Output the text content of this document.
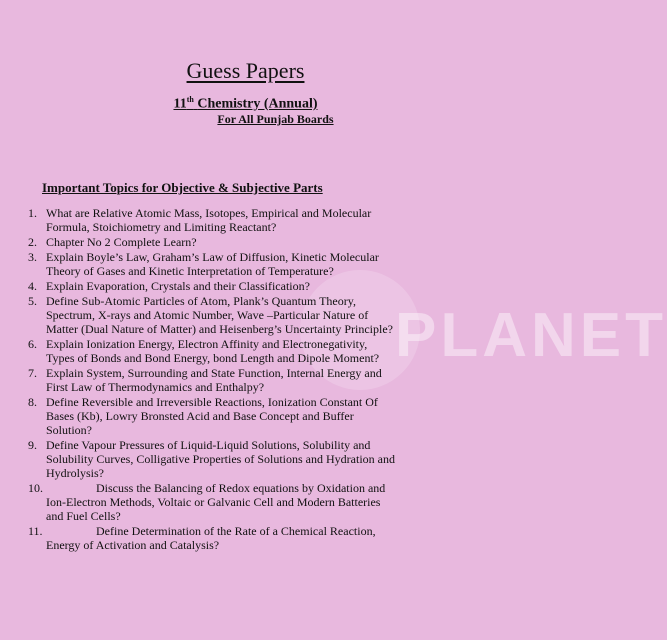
PLANET
Guess Papers
11th Chemistry (Annual)
For All Punjab Boards
Important Topics for Objective & Subjective Parts
1. What are Relative Atomic Mass, Isotopes, Empirical and Molecular Formula, Stoichiometry and Limiting Reactant?
2. Chapter No 2 Complete Learn?
3. Explain Boyle’s Law, Graham’s Law of Diffusion, Kinetic Molecular Theory of Gases and Kinetic Interpretation of Temperature?
4. Explain Evaporation, Crystals and their Classification?
5. Define Sub-Atomic Particles of Atom, Plank’s Quantum Theory, Spectrum, X-rays and Atomic Number, Wave –Particular Nature of Matter (Dual Nature of Matter) and Heisenberg’s Uncertainty Principle?
6. Explain Ionization Energy, Electron Affinity and Electronegativity, Types of Bonds and Bond Energy, bond Length and Dipole Moment?
7. Explain System, Surrounding and State Function, Internal Energy and First Law of Thermodynamics and Enthalpy?
8. Define Reversible and Irreversible Reactions, Ionization Constant Of Bases (Kb), Lowry Bronsted Acid and Base Concept and Buffer Solution?
9. Define Vapour Pressures of Liquid-Liquid Solutions, Solubility and Solubility Curves, Colligative Properties of Solutions and Hydration and Hydrolysis?
10.	Discuss the Balancing of Redox equations by Oxidation and Ion-Electron Methods, Voltaic or Galvanic Cell and Modern Batteries and Fuel Cells?
11.	Define Determination of the Rate of a Chemical Reaction, Energy of Activation and Catalysis?
